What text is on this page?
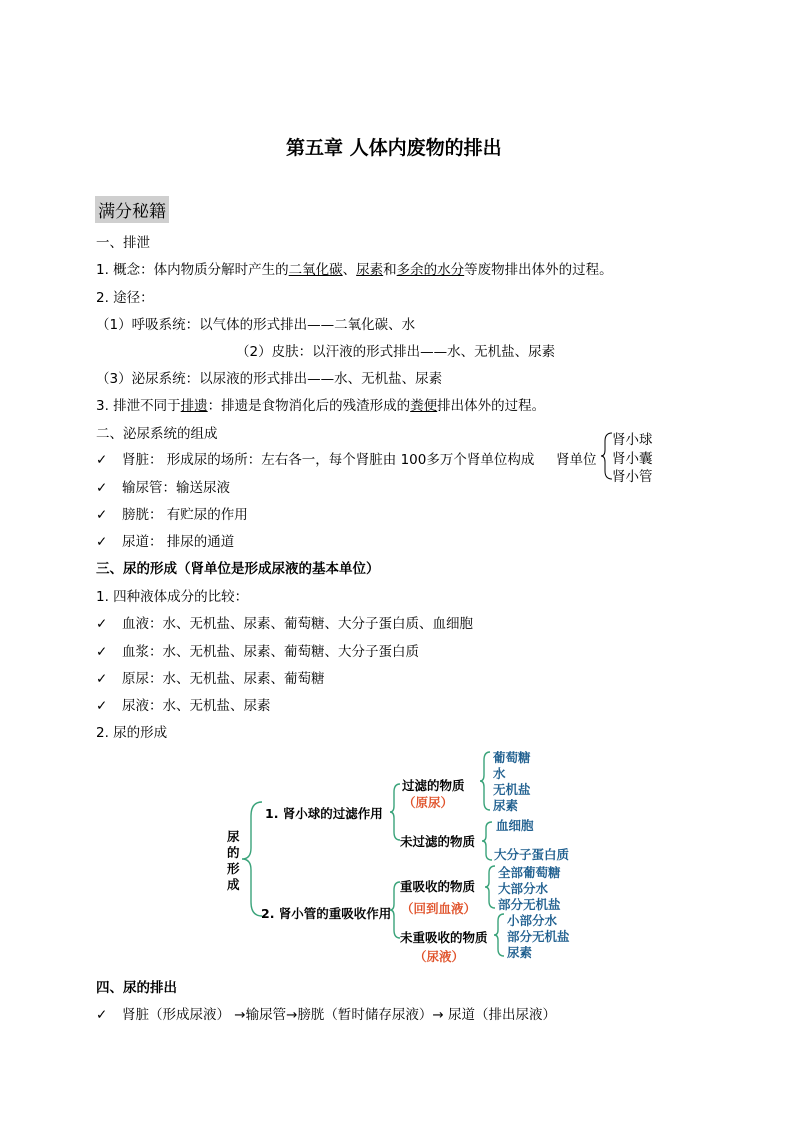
第五章 人体内废物的排出
满分秘籍
一、排泄
1. 概念：体内物质分解时产生的二氧化碳、尿素和多余的水分等废物排出体外的过程。
2. 途径：
（1）呼吸系统：以气体的形式排出——二氧化碳、水
（2）皮肤：以汗液的形式排出——水、无机盐、尿素
（3）泌尿系统：以尿液的形式排出——水、无机盐、尿素
3. 排泄不同于排遗：排遗是食物消化后的残渣形成的粪便排出体外的过程。
二、泌尿系统的组成
✓ 肾脏： 形成尿的场所：左右各一，每个肾脏由 100多万个肾单位构成 肾单位
肾小球
肾小囊
肾小管
✓ 输尿管：输送尿液
✓ 膀胱： 有贮尿的作用
✓ 尿道： 排尿的通道
三、尿的形成（肾单位是形成尿液的基本单位）
1. 四种液体成分的比较：
✓ 血液：水、无机盐、尿素、葡萄糖、大分子蛋白质、血细胞
✓ 血浆：水、无机盐、尿素、葡萄糖、大分子蛋白质
✓ 原尿：水、无机盐、尿素、葡萄糖
✓ 尿液：水、无机盐、尿素
2. 尿的形成
尿
的
形
成
1. 肾小球的过滤作用
2. 肾小管的重吸收作用
过滤的物质
（原尿）
未过滤的物质
重吸收的物质
（回到血液）
未重吸收的物质
（尿液）
葡萄糖
水
无机盐
尿素
血细胞
大分子蛋白质
全部葡萄糖
大部分水
部分无机盐
小部分水
部分无机盐
尿素
四、尿的排出
✓ 肾脏（形成尿液） →输尿管→膀胱（暂时储存尿液）→ 尿道（排出尿液）
